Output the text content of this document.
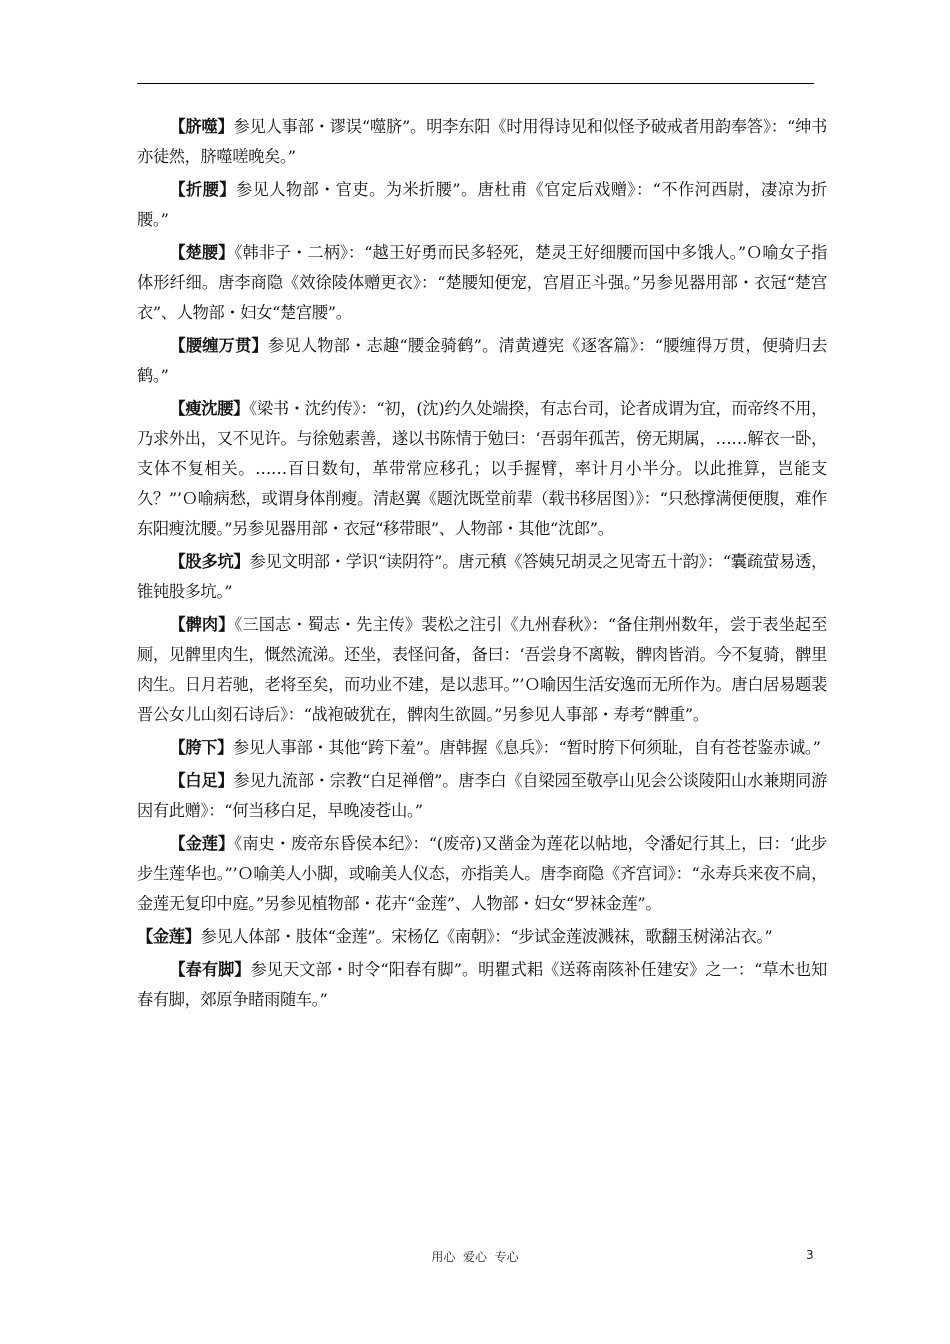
【脐噬】参见人事部・谬误“噬脐”。明李东阳《时用得诗见和似怪予破戒者用韵奉答》：“绅书亦徒然，脐噬嗟晚矣。”

【折腰】参见人物部・官吏。为米折腰”。唐杜甫《官定后戏赠》：“不作河西尉，凄凉为折腰。”

【楚腰】《韩非子・二柄》：“越王好勇而民多轻死，楚灵王好细腰而国中多饿人。”Ｏ喻女子指体形纤细。唐李商隐《效徐陵体赠更衣》：“楚腰知便宠，宫眉正斗强。”另参见器用部・衣冠“楚宫衣”、人物部・妇女“楚宫腰”。

【腰缠万贯】参见人物部・志趣“腰金骑鹤”。清黄遵宪《逐客篇》：“腰缠得万贯，便骑归去鹤。”

【瘦沈腰】《梁书・沈约传》：“初，(沈)约久处端揆，有志台司，论者成谓为宜，而帝终不用，乃求外出，又不见许。与徐勉素善，遂以书陈情于勉曰：‘吾弱年孤苦，傍无期属，……解衣一卧，支体不复相关。……百日数旬，革带常应移孔；以手握臂，率计月小半分。以此推算，岂能支久？”’Ｏ喻病愁，或谓身体削瘦。清赵翼《题沈既堂前辈（载书移居图）》：“只愁撑满便便腹，难作东阳瘦沈腰。”另参见器用部・衣冠“移带眼”、人物部・其他“沈郎”。

【股多坑】参见文明部・学识“读阴符”。唐元稹《答姨兄胡灵之见寄五十韵》：“囊疏萤易透，锥钝股多坑。”

【髀肉】《三国志・蜀志・先主传》裴松之注引《九州春秋》：“备住荆州数年，尝于表坐起至厕，见髀里肉生，慨然流涕。还坐，表怪问备，备曰：‘吾尝身不离鞍，髀肉皆消。今不复骑，髀里肉生。日月若驰，老将至矣，而功业不建，是以悲耳。”’Ｏ喻因生活安逸而无所作为。唐白居易题裴晋公女儿山刻石诗后》：“战袍破犹在，髀肉生欲圆。”另参见人事部・寿考“髀重”。

【胯下】参见人事部・其他“跨下羞”。唐韩握《息兵》：“暂时胯下何须耻，自有苍苍鉴赤诚。”

【白足】参见九流部・宗教“白足禅僧”。唐李白《自梁园至敬亭山见会公谈陵阳山水兼期同游因有此赠》：“何当移白足，早晚凌苍山。”

【金莲】《南史・废帝东昏侯本纪》：“(废帝)又凿金为莲花以帖地，令潘妃行其上，曰：‘此步步生莲华也。”’Ｏ喻美人小脚，或喻美人仪态，亦指美人。唐李商隐《齐宫词》：“永寿兵来夜不扃，金莲无复印中庭。”另参见植物部・花卉“金莲”、人物部・妇女“罗袜金莲”。

【金莲】参见人体部・肢体“金莲”。宋杨亿《南朝》：“步试金莲波溅袜，歌翻玉树涕沾衣。”

【春有脚】参见天文部・时令“阳春有脚”。明瞿式耜《送蒋南陔补任建安》之一：“草木也知春有脚，郊原争睹雨随车。”

用心  爱心  专心	3
